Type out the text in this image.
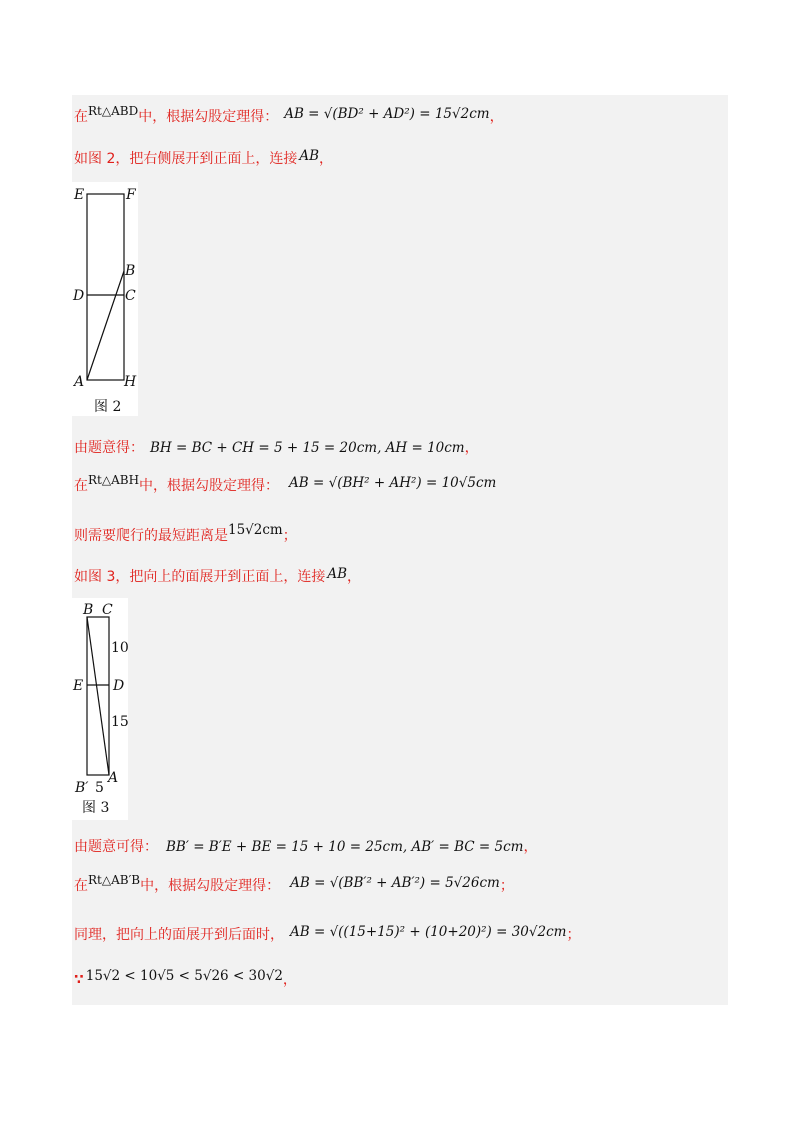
在Rt△ABD中，根据勾股定理得： AB = √(BD² + AD²) = 15√2cm，
如图 2，把右侧展开到正面上，连接 AB，
E	F
B
D	C
A	H
图 2
由题意得： BH = BC + CH = 5 + 15 = 20cm, AH = 10cm，
在Rt△ABH中，根据勾股定理得： AB = √(BH² + AH²) = 10√5cm
则需要爬行的最短距离是15√2cm；
如图 3，把向上的面展开到正面上，连接 AB，
B C
10
E D
15
A
B′ 5
图 3
由题意可得： BB′ = B′E + BE = 15 + 10 = 25cm, AB′ = BC = 5cm，
在Rt△AB′B中，根据勾股定理得： AB = √(BB′² + AB′²) = 5√26cm；
同理，把向上的面展开到后面时， AB = √((15+15)² + (10+20)²) = 30√2cm；
∵ 15√2 < 10√5 < 5√26 < 30√2，
